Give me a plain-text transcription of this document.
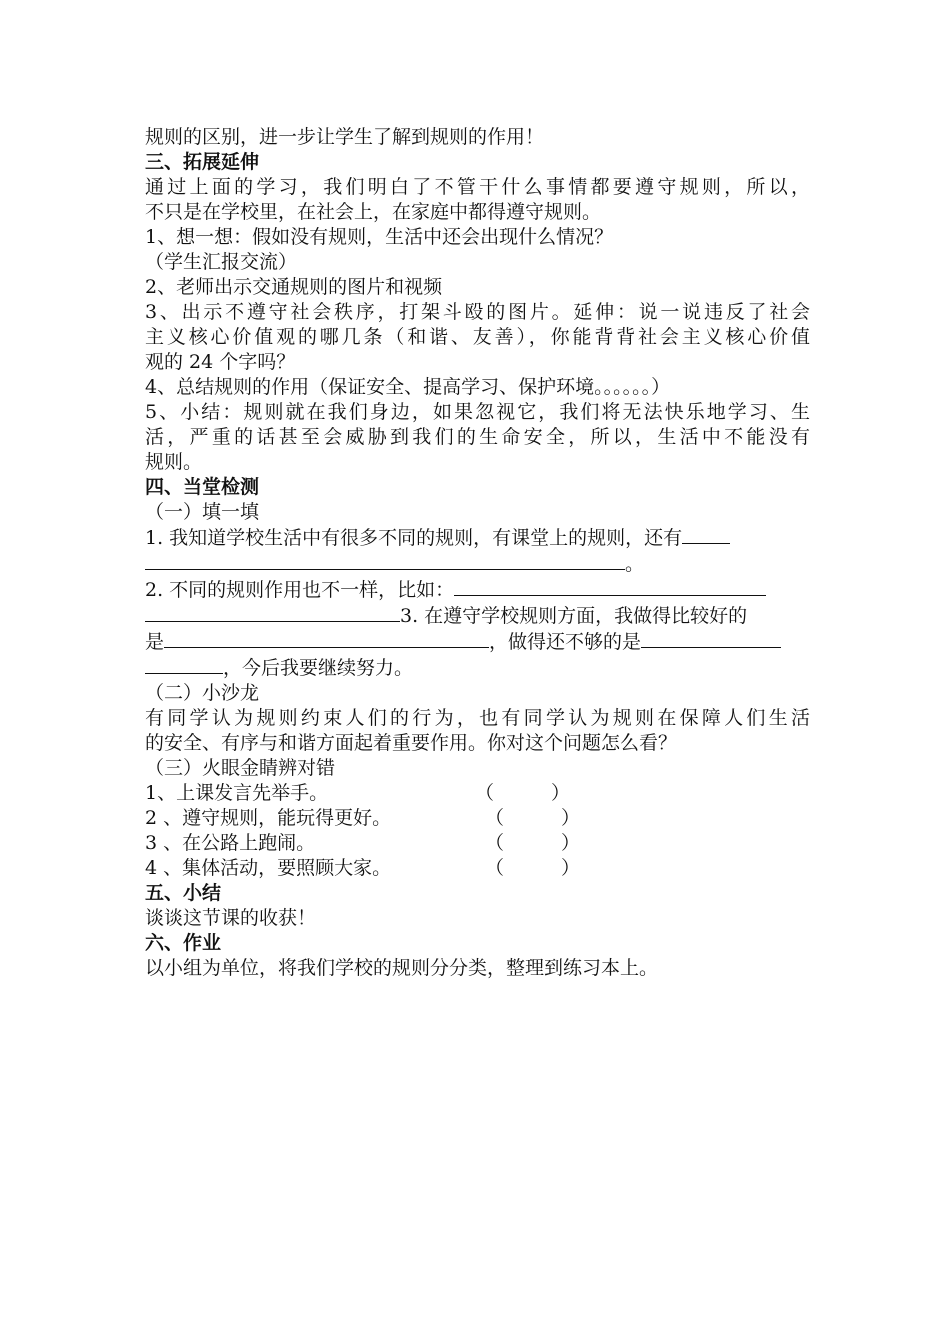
规则的区别，进一步让学生了解到规则的作用！
三、拓展延伸
通过上面的学习，我们明白了不管干什么事情都要遵守规则，所以，
不只是在学校里，在社会上，在家庭中都得遵守规则。
1、想一想：假如没有规则，生活中还会出现什么情况？
（学生汇报交流）
2、老师出示交通规则的图片和视频
3、出示不遵守社会秩序，打架斗殴的图片。延伸：说一说违反了社会
主义核心价值观的哪几条（和谐、友善），你能背背社会主义核心价值
观的 24 个字吗？
4、总结规则的作用（保证安全、提高学习、保护环境。。。。。。）
5、小结：规则就在我们身边，如果忽视它，我们将无法快乐地学习、生
活，严重的话甚至会威胁到我们的生命安全，所以，生活中不能没有
规则。
四、当堂检测
（一）填一填
1. 我知道学校生活中有很多不同的规则，有课堂上的规则，还有
。
2. 不同的规则作用也不一样，比如：
3. 在遵守学校规则方面，我做得比较好的
是	，做得还不够的是
，今后我要继续努力。
（二）小沙龙
有同学认为规则约束人们的行为，也有同学认为规则在保障人们生活
的安全、有序与和谐方面起着重要作用。你对这个问题怎么看？
（三）火眼金睛辨对错
1、上课发言先举手。	（　　　）
2 、遵守规则，能玩得更好。	（　　　）
3 、在公路上跑闹。	（　　　）
4 、集体活动，要照顾大家。	（　　　）
五、小结
谈谈这节课的收获！
六、作业
以小组为单位，将我们学校的规则分分类，整理到练习本上。
